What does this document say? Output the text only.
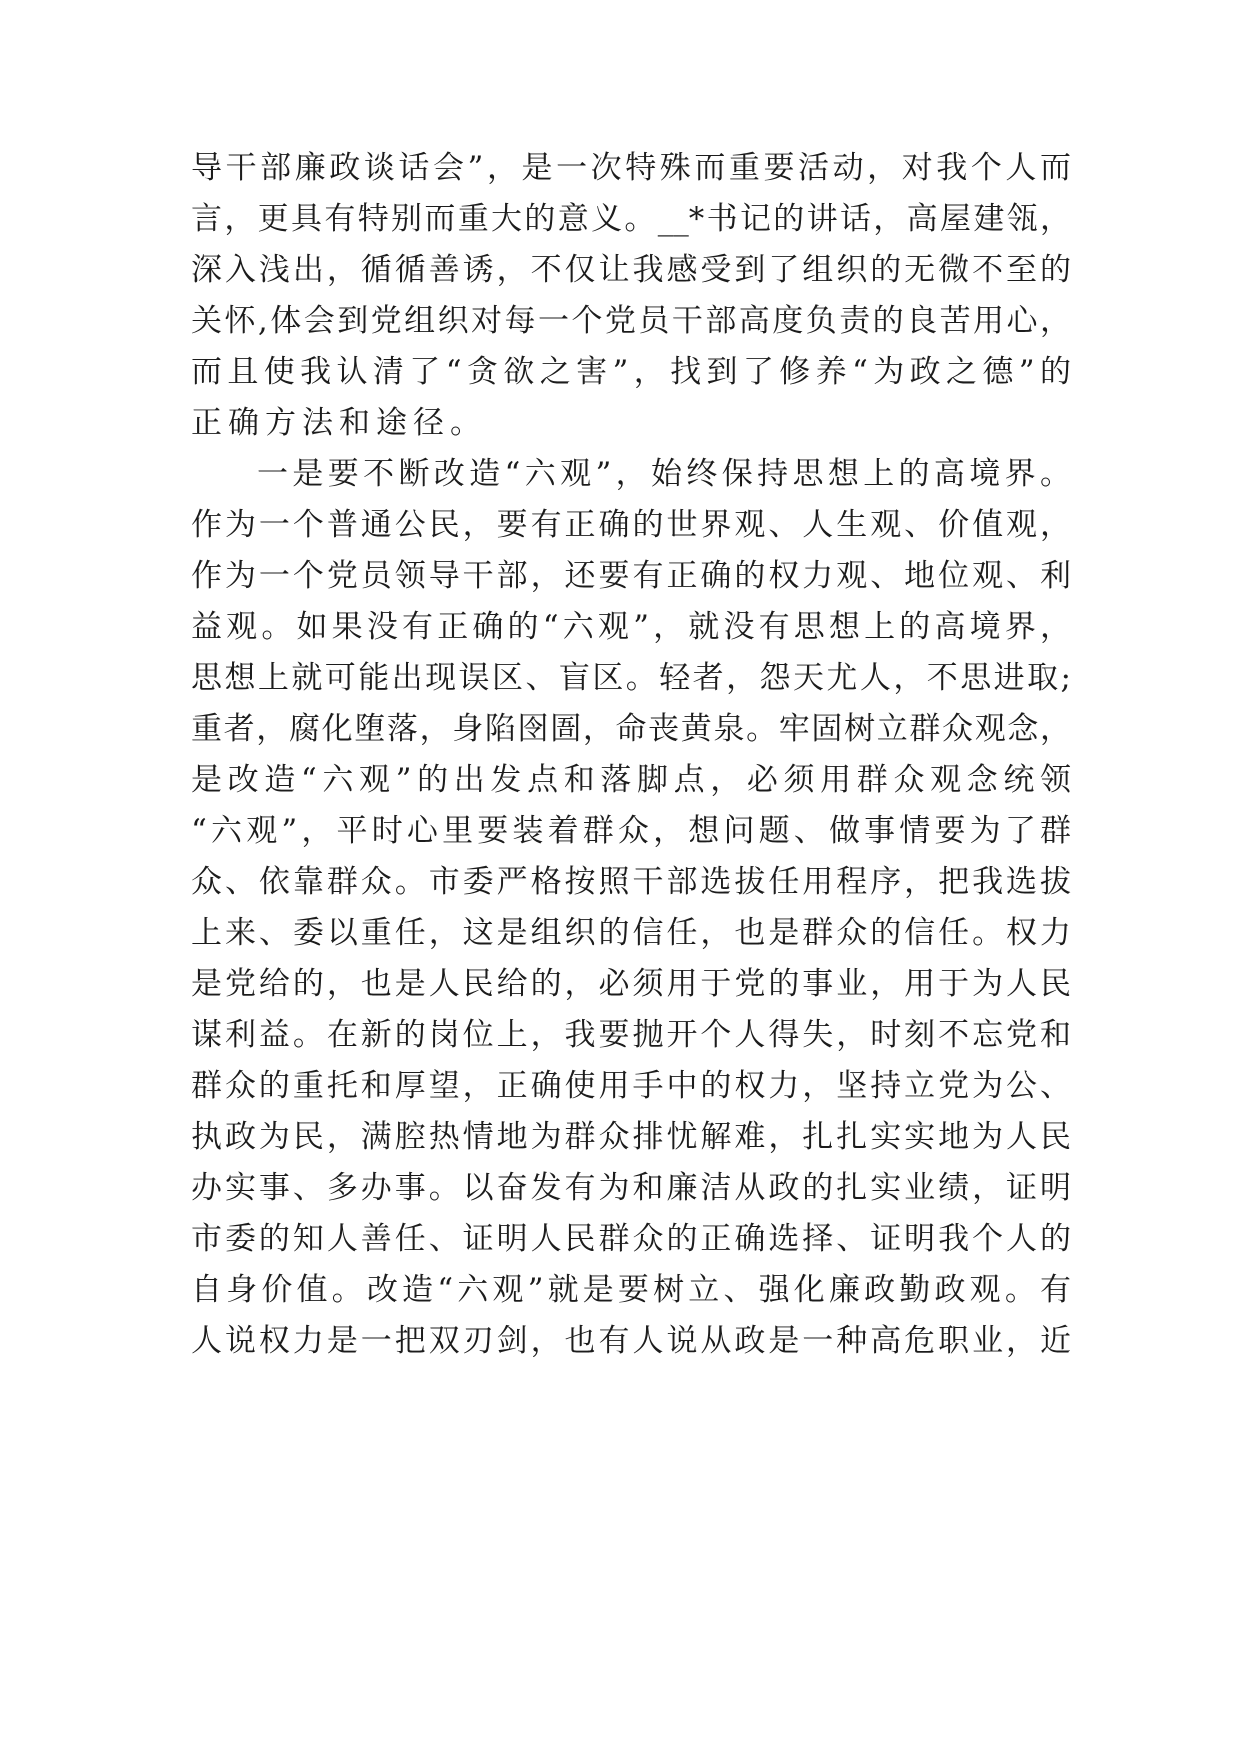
导干部廉政谈话会”，是一次特殊而重要活动，对我个人而
言，更具有特别而重大的意义。__*书记的讲话，高屋建瓴，
深入浅出，循循善诱，不仅让我感受到了组织的无微不至的
关怀,体会到党组织对每一个党员干部高度负责的良苦用心，
而且使我认清了“贪欲之害”，找到了修养“为政之德”的
正确方法和途径。
一是要不断改造“六观”，始终保持思想上的高境界。
作为一个普通公民，要有正确的世界观、人生观、价值观，
作为一个党员领导干部，还要有正确的权力观、地位观、利
益观。如果没有正确的“六观”，就没有思想上的高境界，
思想上就可能出现误区、盲区。轻者，怨天尤人，不思进取;
重者，腐化堕落，身陷囹圄，命丧黄泉。牢固树立群众观念，
是改造“六观”的出发点和落脚点，必须用群众观念统领
“六观”，平时心里要装着群众，想问题、做事情要为了群
众、依靠群众。市委严格按照干部选拔任用程序，把我选拔
上来、委以重任，这是组织的信任，也是群众的信任。权力
是党给的，也是人民给的，必须用于党的事业，用于为人民
谋利益。在新的岗位上，我要抛开个人得失，时刻不忘党和
群众的重托和厚望，正确使用手中的权力，坚持立党为公、
执政为民，满腔热情地为群众排忧解难，扎扎实实地为人民
办实事、多办事。以奋发有为和廉洁从政的扎实业绩，证明
市委的知人善任、证明人民群众的正确选择、证明我个人的
自身价值。改造“六观”就是要树立、强化廉政勤政观。有
人说权力是一把双刃剑，也有人说从政是一种高危职业，近
